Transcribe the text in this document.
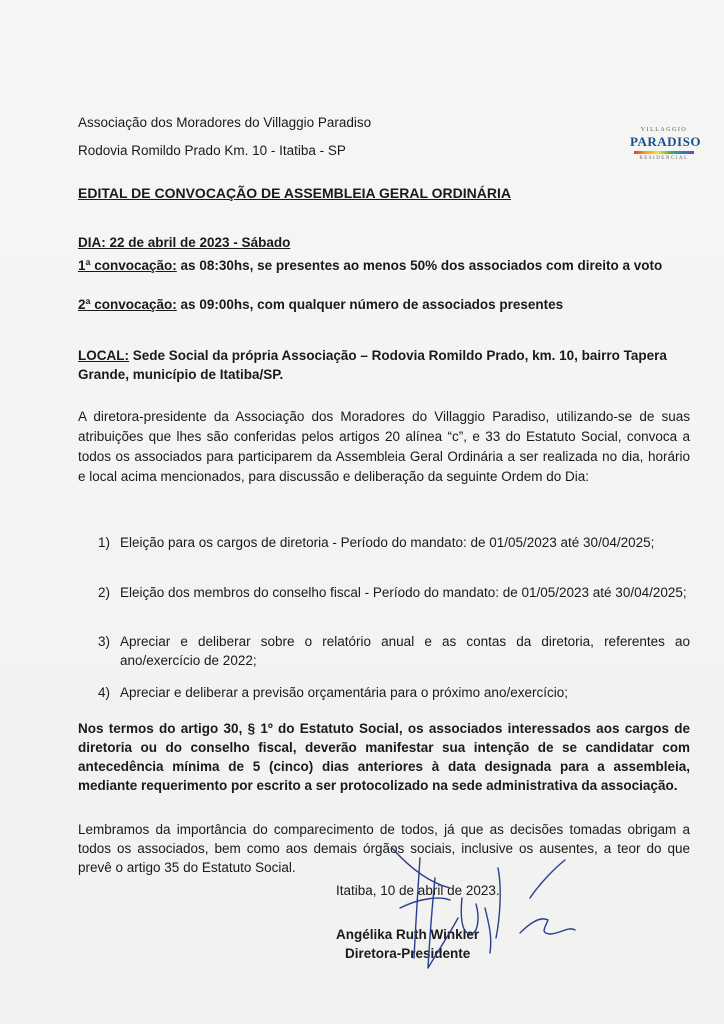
Associação dos Moradores do Villaggio Paradiso
Rodovia Romildo Prado Km. 10 - Itatiba - SP
VILLAGGIO
PARADISO
RESIDENCIAL
EDITAL DE CONVOCAÇÃO DE ASSEMBLEIA GERAL ORDINÁRIA
DIA: 22 de abril de 2023 - Sábado
1ª convocação: as 08:30hs, se presentes ao menos 50% dos associados com direito a voto
2ª convocação: as 09:00hs, com qualquer número de associados presentes
LOCAL: Sede Social da própria Associação – Rodovia Romildo Prado, km. 10, bairro Tapera Grande, município de Itatiba/SP.
A diretora-presidente da Associação dos Moradores do Villaggio Paradiso, utilizando-se de suas atribuições que lhes são conferidas pelos artigos 20 alínea “c”, e 33 do Estatuto Social, convoca a todos os associados para participarem da Assembleia Geral Ordinária a ser realizada no dia, horário e local acima mencionados, para discussão e deliberação da seguinte Ordem do Dia:
1) Eleição para os cargos de diretoria - Período do mandato: de 01/05/2023 até 30/04/2025;
2) Eleição dos membros do conselho fiscal - Período do mandato: de 01/05/2023 até 30/04/2025;
3) Apreciar e deliberar sobre o relatório anual e as contas da diretoria, referentes ao ano/exercício de 2022;
4) Apreciar e deliberar a previsão orçamentária para o próximo ano/exercício;
Nos termos do artigo 30, § 1º do Estatuto Social, os associados interessados aos cargos de diretoria ou do conselho fiscal, deverão manifestar sua intenção de se candidatar com antecedência mínima de 5 (cinco) dias anteriores à data designada para a assembleia, mediante requerimento por escrito a ser protocolizado na sede administrativa da associação.
Lembramos da importância do comparecimento de todos, já que as decisões tomadas obrigam a todos os associados, bem como aos demais órgãos sociais, inclusive os ausentes, a teor do que prevê o artigo 35 do Estatuto Social.
Itatiba, 10 de abril de 2023.
Angélika Ruth Winkler
Diretora-Presidente
